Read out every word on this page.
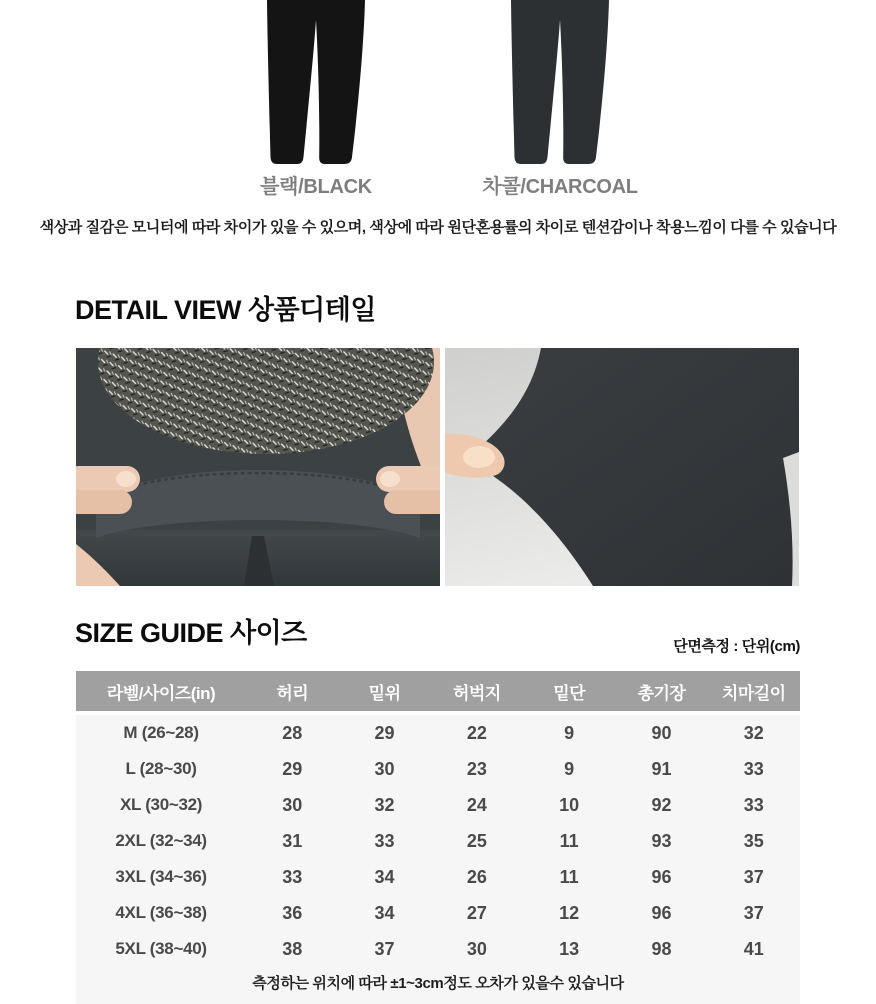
블랙/BLACK	차콜/CHARCOAL
색상과 질감은 모니터에 따라 차이가 있을 수 있으며, 색상에 따라 원단혼용률의 차이로 텐션감이나 착용느낌이 다를 수 있습니다
DETAIL VIEW 상품디테일
SIZE GUIDE 사이즈	단면측정 : 단위(cm)
라벨/사이즈(in)	허리	밑위	허벅지	밑단	총기장	치마길이
M (26~28)	28	29	22	9	90	32
L (28~30)	29	30	23	9	91	33
XL (30~32)	30	32	24	10	92	33
2XL (32~34)	31	33	25	11	93	35
3XL (34~36)	33	34	26	11	96	37
4XL (36~38)	36	34	27	12	96	37
5XL (38~40)	38	37	30	13	98	41
측정하는 위치에 따라 ±1~3cm정도 오차가 있을수 있습니다
